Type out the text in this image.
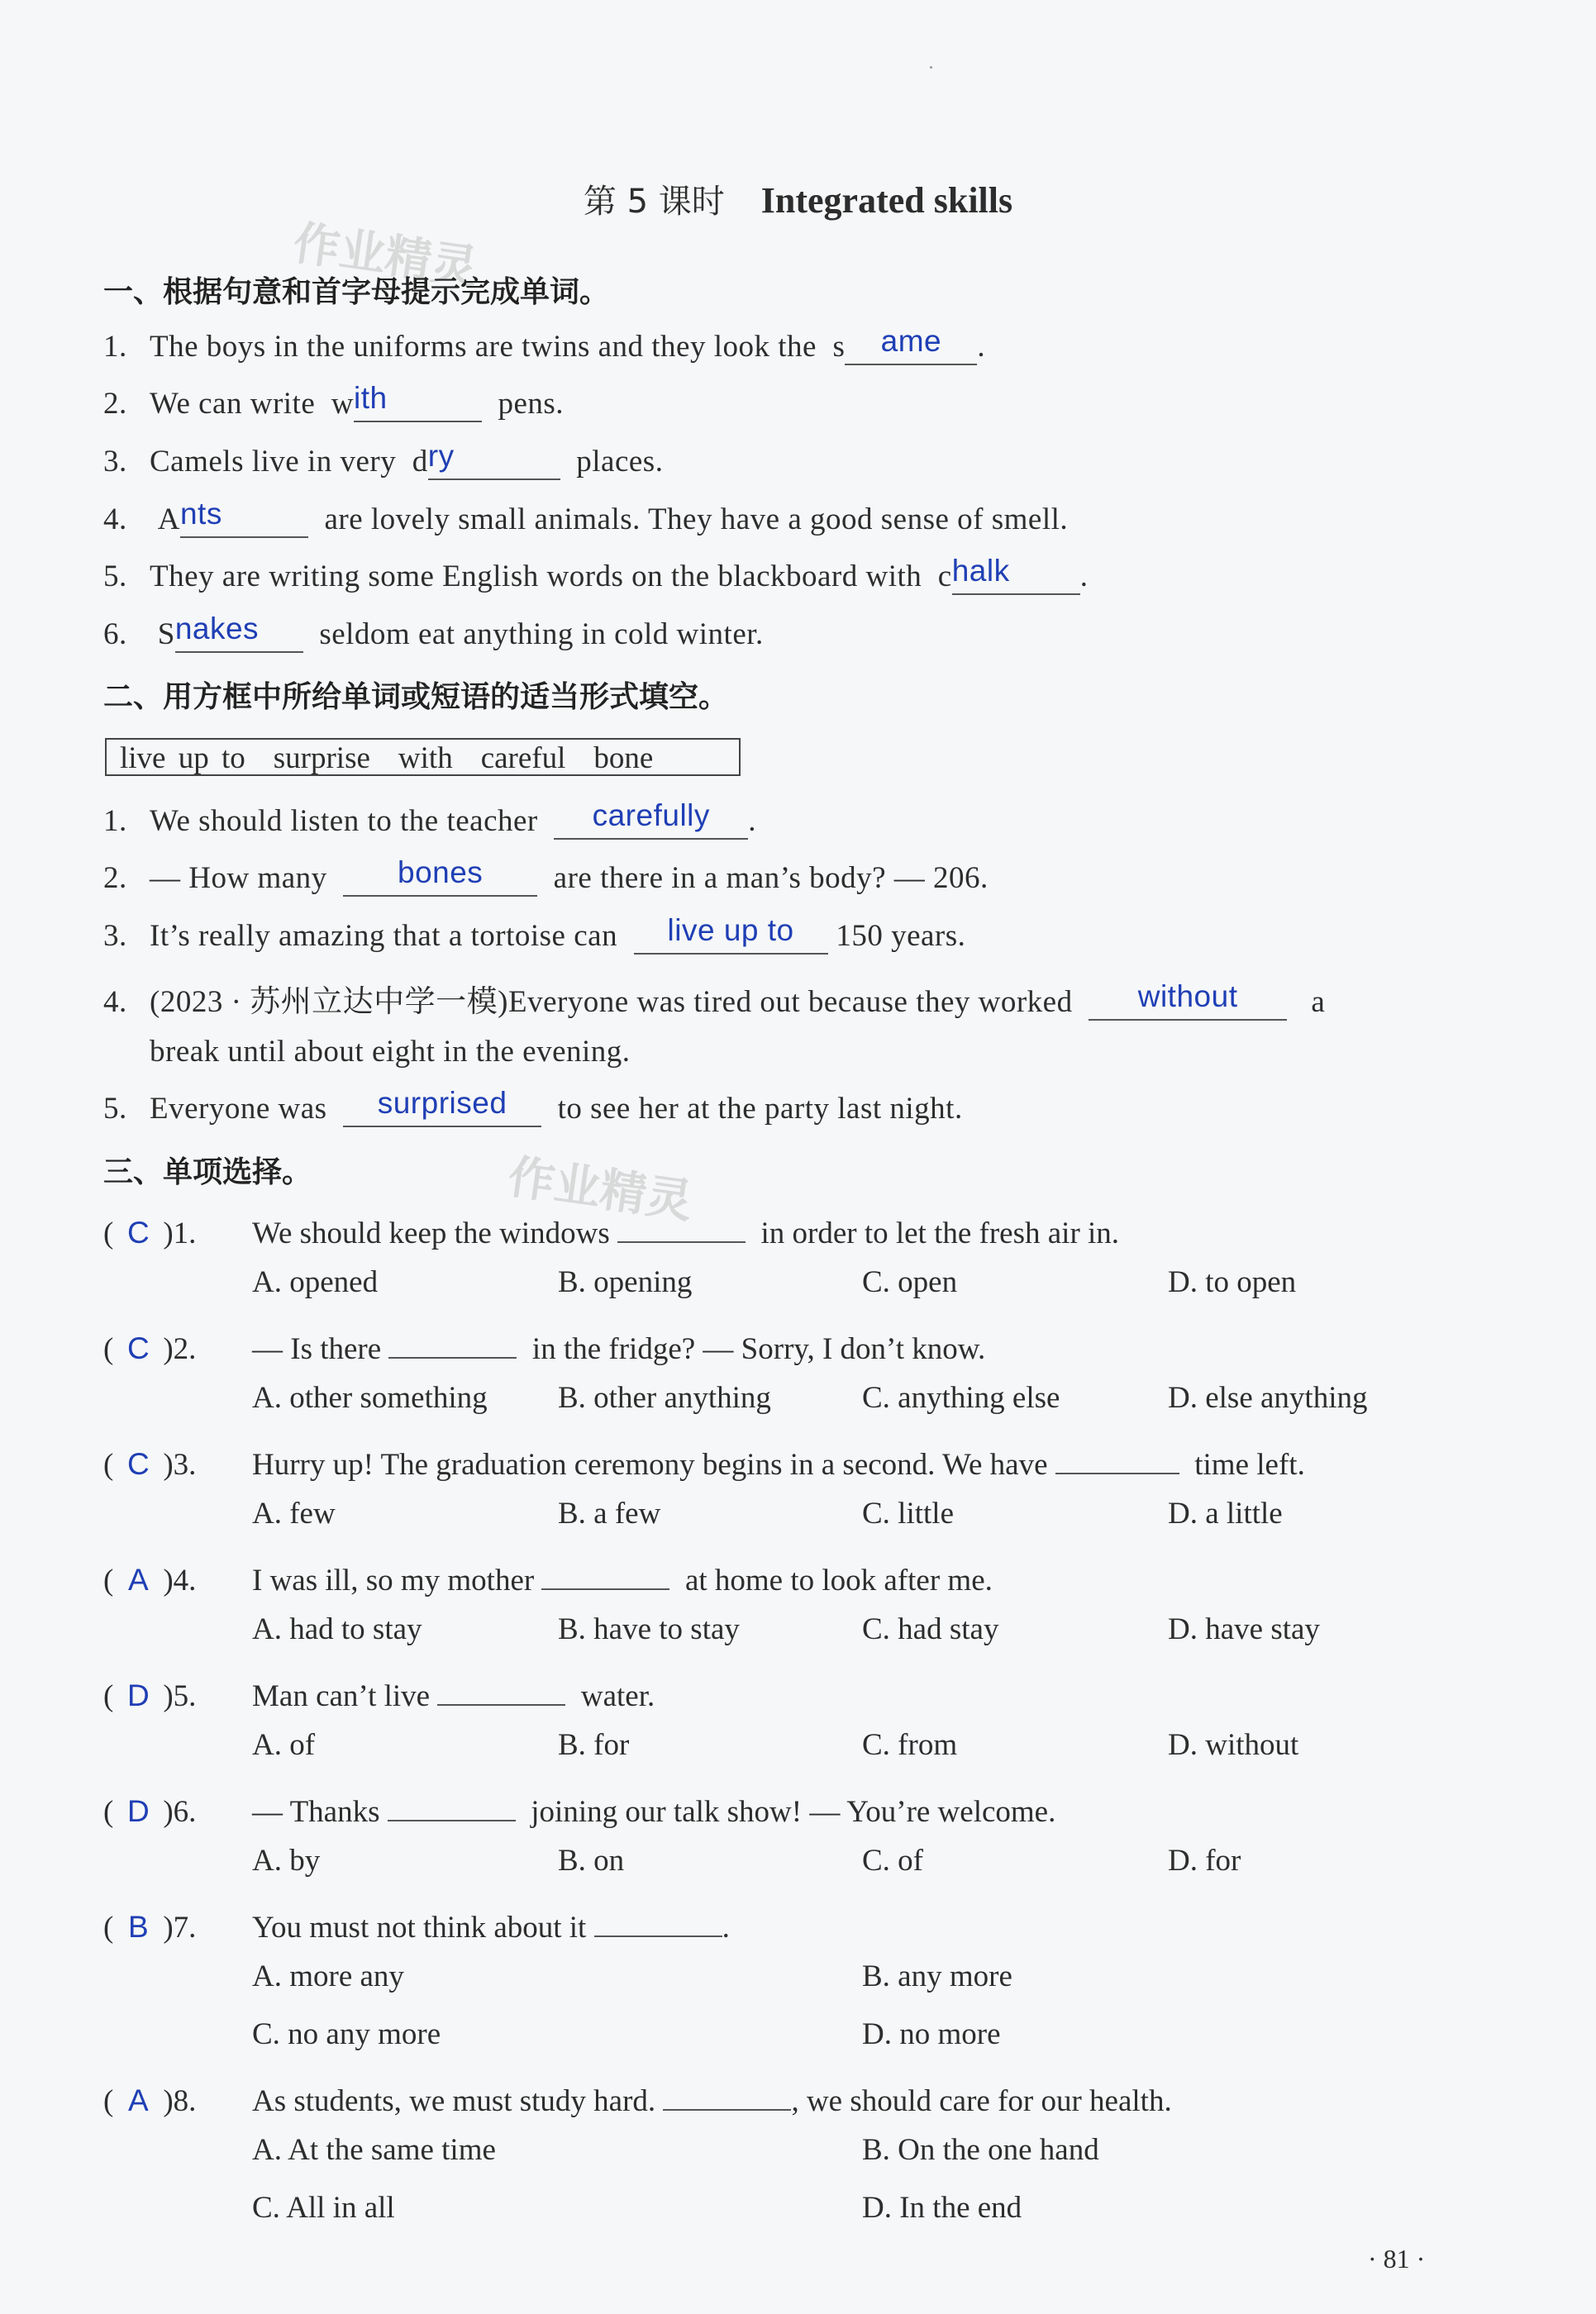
第 5 课时 Integrated skills
作业精灵
作业精灵
一、根据句意和首字母提示完成单词。
1. The boys in the uniforms are twins and they look the s ame .
2. We can write with	pens.
3. Camels live in very dry	places.
4. Ants	are lovely small animals. They have a good sense of smell.
5. They are writing some English words on the blackboard with chalk .
6. Snakes seldom eat anything in cold winter.
二、用方框中所给单词或短语的适当形式填空。
live up to surprise with careful bone
1. We should listen to the teacher carefully .
2. — How many bones are there in a man’s body? — 206.
3. It’s really amazing that a tortoise can live up to 150 years.
4. (2023 · 苏州立达中学一模)Everyone was tired out because they worked without a
break until about eight in the evening.
5. Everyone was surprised to see her at the party last night.
三、单项选择。
( C )1. We should keep the windows	in order to let the fresh air in.
A. opened	B. opening	C. open	D. to open
( C )2. — Is there	in the fridge? — Sorry, I don’t know.
A. other something B. other anything	C. anything else	D. else anything
( C )3. Hurry up! The graduation ceremony begins in a second. We have	time left.
A. few	B. a few	C. little	D. a little
( A )4. I was ill, so my mother	at home to look after me.
A. had to stay	B. have to stay	C. had stay	D. have stay
( D )5. Man can’t live	water.
A. of	B. for	C. from	D. without
( D )6. — Thanks	joining our talk show! — You’re welcome.
A. by	B. on	C. of	D. for
( B )7. You must not think about it	.
A. more any	B. any more
C. no any more	D. no more
( A )8. As students, we must study hard.	, we should care for our health.
A. At the same time	B. On the one hand
C. All in all	D. In the end
· 81 ·
